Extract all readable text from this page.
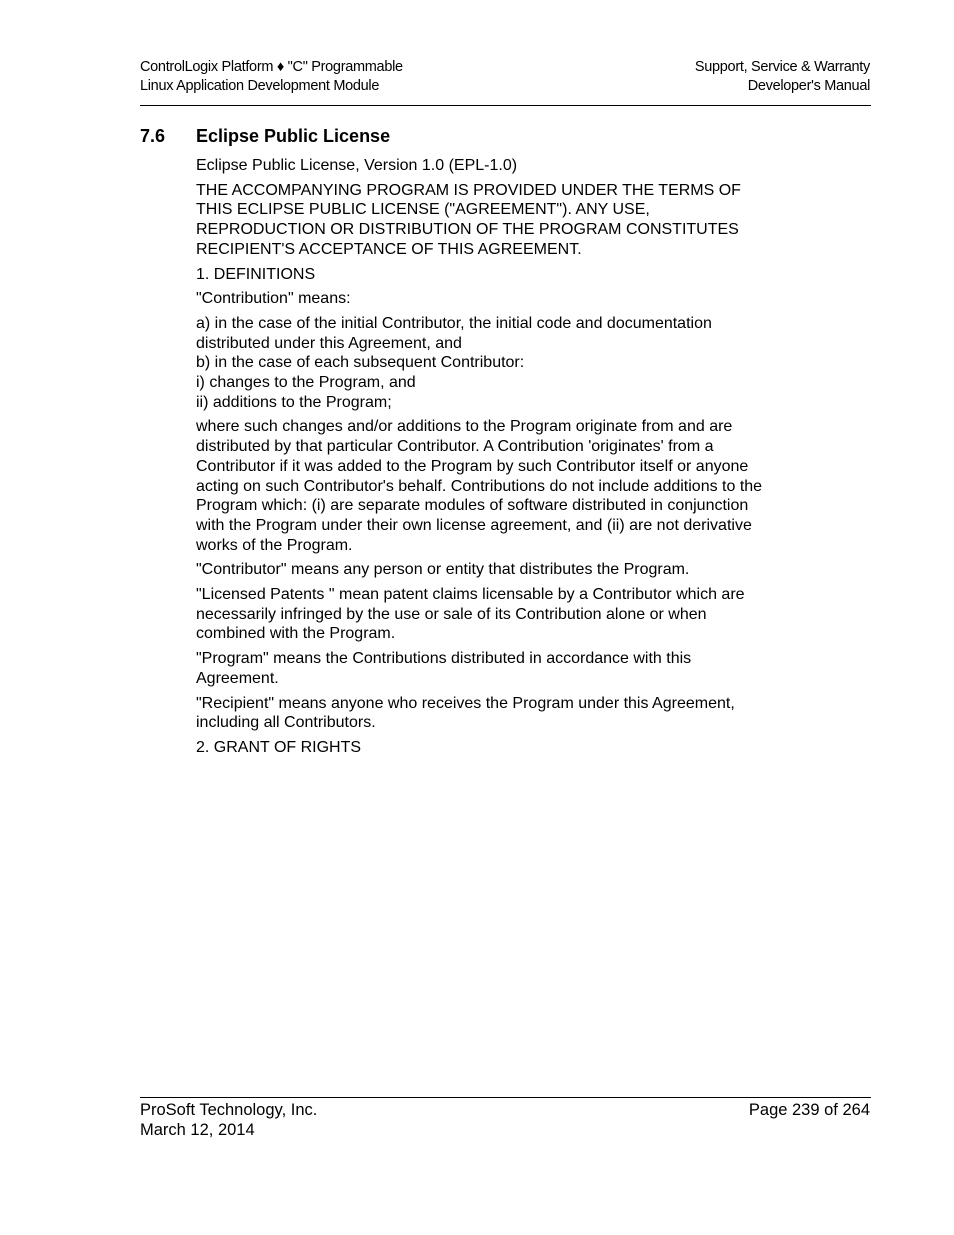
ControlLogix Platform ♦ "C" Programmable
Linux Application Development Module
Support, Service & Warranty
Developer's Manual
7.6 Eclipse Public License
Eclipse Public License, Version 1.0 (EPL-1.0)
THE ACCOMPANYING PROGRAM IS PROVIDED UNDER THE TERMS OF
THIS ECLIPSE PUBLIC LICENSE ("AGREEMENT"). ANY USE,
REPRODUCTION OR DISTRIBUTION OF THE PROGRAM CONSTITUTES
RECIPIENT'S ACCEPTANCE OF THIS AGREEMENT.
1. DEFINITIONS
"Contribution" means:
a) in the case of the initial Contributor, the initial code and documentation
distributed under this Agreement, and
b) in the case of each subsequent Contributor:
i) changes to the Program, and
ii) additions to the Program;
where such changes and/or additions to the Program originate from and are
distributed by that particular Contributor. A Contribution 'originates' from a
Contributor if it was added to the Program by such Contributor itself or anyone
acting on such Contributor's behalf. Contributions do not include additions to the
Program which: (i) are separate modules of software distributed in conjunction
with the Program under their own license agreement, and (ii) are not derivative
works of the Program.
"Contributor" means any person or entity that distributes the Program.
"Licensed Patents " mean patent claims licensable by a Contributor which are
necessarily infringed by the use or sale of its Contribution alone or when
combined with the Program.
"Program" means the Contributions distributed in accordance with this
Agreement.
"Recipient" means anyone who receives the Program under this Agreement,
including all Contributors.
2. GRANT OF RIGHTS
ProSoft Technology, Inc.
March 12, 2014
Page 239 of 264
